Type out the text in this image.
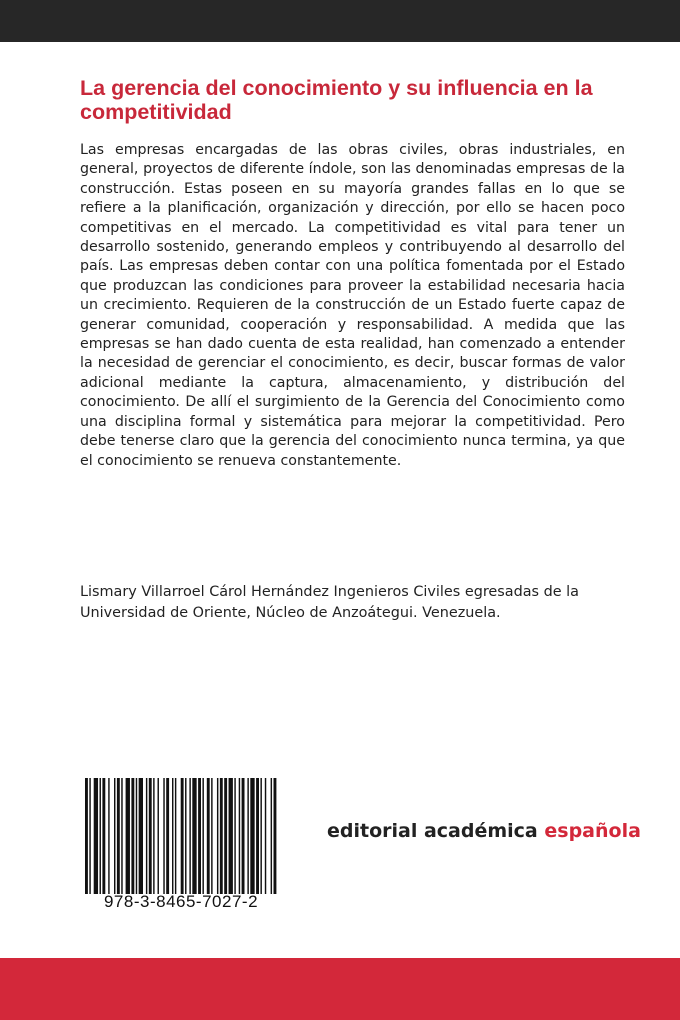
La gerencia del conocimiento y su influencia en la competitividad

Las empresas encargadas de las obras civiles, obras industriales, en general, proyectos de diferente índole, son las denominadas empresas de la construcción. Estas poseen en su mayoría grandes fallas en lo que se refiere a la planificación, organización y dirección, por ello se hacen poco competitivas en el mercado. La competitividad es vital para tener un desarrollo sostenido, generando empleos y contribuyendo al desarrollo del país. Las empresas deben contar con una política fomentada por el Estado que produzcan las condiciones para proveer la estabilidad necesaria hacia un crecimiento. Requieren de la construcción de un Estado fuerte capaz de generar comunidad, cooperación y responsabilidad. A medida que las empresas se han dado cuenta de esta realidad, han comenzado a entender la necesidad de gerenciar el conocimiento, es decir, buscar formas de valor adicional mediante la captura, almacenamiento, y distribución del conocimiento. De allí el surgimiento de la Gerencia del Conocimiento como una disciplina formal y sistemática para mejorar la competitividad. Pero debe tenerse claro que la gerencia del conocimiento nunca termina, ya que el conocimiento se renueva constantemente.

Lismary Villarroel Cárol Hernández Ingenieros Civiles egresadas de la Universidad de Oriente, Núcleo de Anzoátegui. Venezuela.

978-3-8465-7027-2
editorial académica española
